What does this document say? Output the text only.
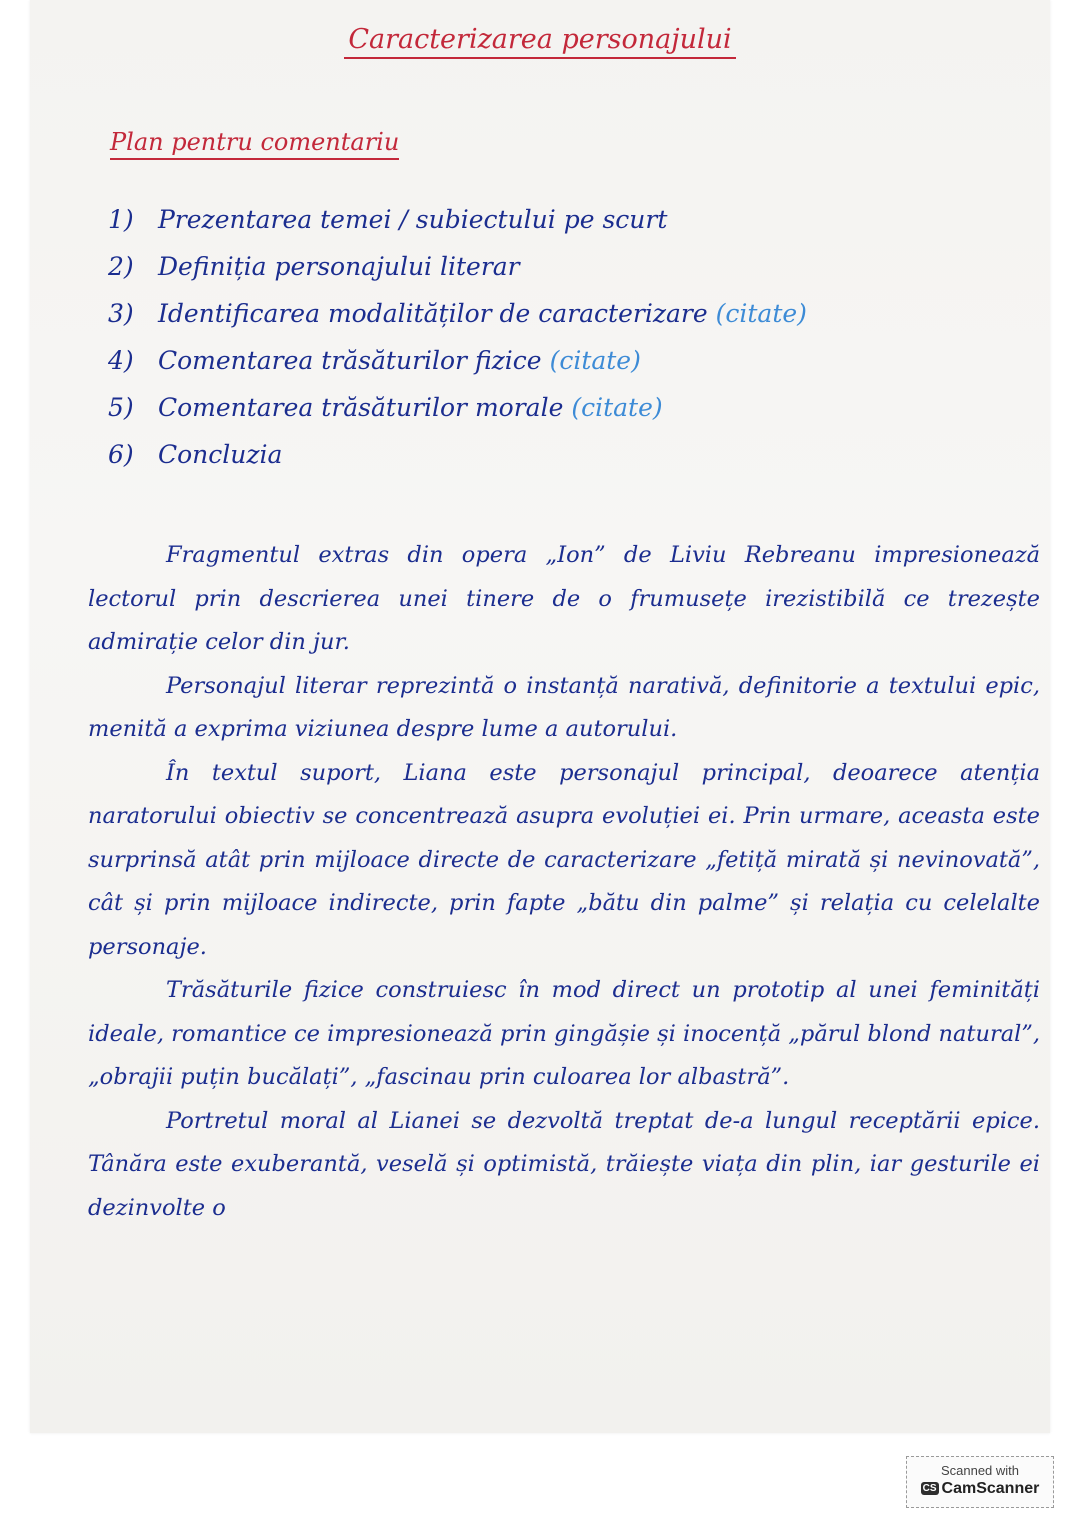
Caracterizarea personajului
Plan pentru comentariu
1) Prezentarea temei / subiectului pe scurt
2) Definiția personajului literar
3) Identificarea modalităților de caracterizare (citate)
4) Comentarea trăsăturilor fizice (citate)
5) Comentarea trăsăturilor morale (citate)
6) Concluzia

Fragmentul extras din opera „Ion” de Liviu Rebreanu impresionează lectorul prin descrierea unei tinere de o frumusețe irezistibilă ce trezește admirație celor din jur.

Personajul literar reprezintă o instanță narativă, definitorie a textului epic, menită a exprima viziunea despre lume a autorului.

În textul suport, Liana este personajul principal, deoarece atenția naratorului obiectiv se concentrează asupra evoluției ei. Prin urmare, aceasta este surprinsă atât prin mijloace directe de caracterizare „fetiță mirată și nevinovată”, cât și prin mijloace indirecte, prin fapte „bătu din palme” și relația cu celelalte personaje.

Trăsăturile fizice construiesc în mod direct un prototip al unei feminități ideale, romantice ce impresionează prin gingășie și inocență „părul blond natural”, „obrajii puțin bucălați”, „fascinau prin culoarea lor albastră”.

Portretul moral al Lianei se dezvoltă treptat de-a lungul receptării epice. Tânăra este exuberantă, veselă și optimistă, trăiește viața din plin, iar gesturile ei dezinvolte o

Scanned with
CS CamScanner
